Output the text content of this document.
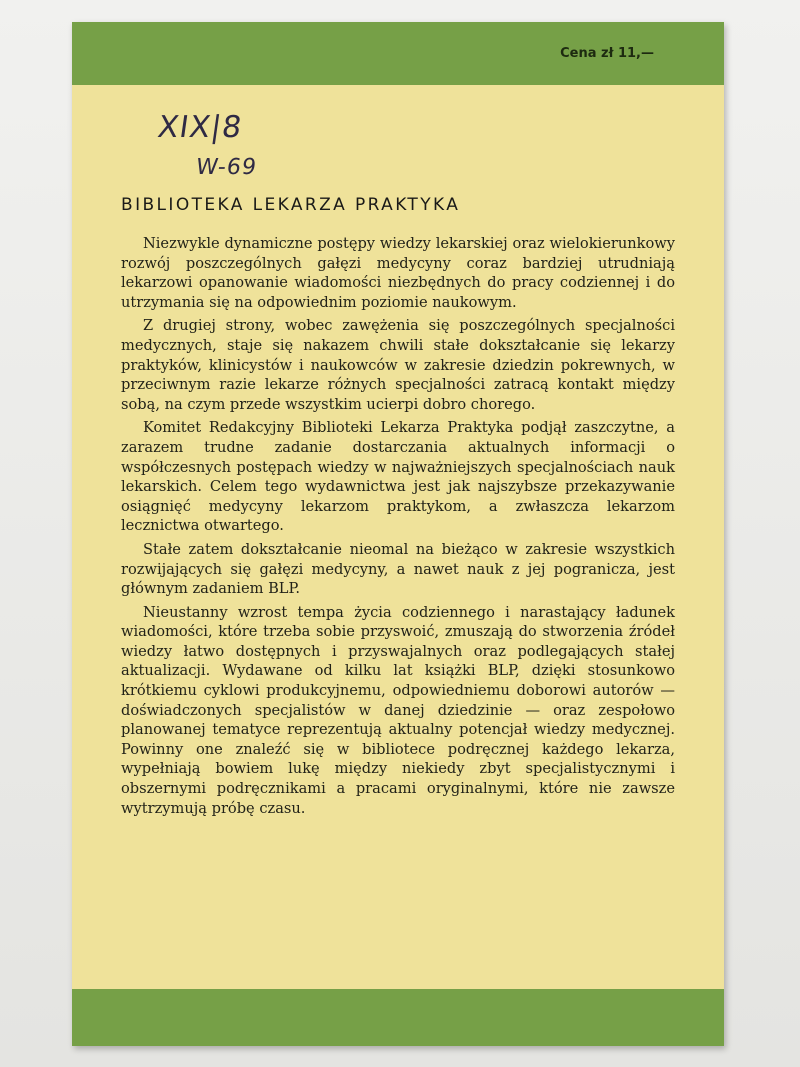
Cena zł 11,—
XIX|8
W-69
BIBLIOTEKA LEKARZA PRAKTYKA

Niezwykle dynamiczne postępy wiedzy lekarskiej oraz wielokierunkowy rozwój poszczególnych gałęzi medycyny coraz bardziej utrudniają lekarzowi opanowanie wiadomości niezbędnych do pracy codziennej i do utrzymania się na odpowiednim poziomie naukowym.

Z drugiej strony, wobec zawężenia się poszczególnych specjalności medycznych, staje się nakazem chwili stałe dokształcanie się lekarzy praktyków, klinicystów i naukowców w zakresie dziedzin pokrewnych, w przeciwnym razie lekarze różnych specjalności zatracą kontakt między sobą, na czym przede wszystkim ucierpi dobro chorego.

Komitet Redakcyjny Biblioteki Lekarza Praktyka podjął zaszczytne, a zarazem trudne zadanie dostarczania aktualnych informacji o współczesnych postępach wiedzy w najważniejszych specjalnościach nauk lekarskich. Celem tego wydawnictwa jest jak najszybsze przekazywanie osiągnięć medycyny lekarzom praktykom, a zwłaszcza lekarzom lecznictwa otwartego.

Stałe zatem dokształcanie nieomal na bieżąco w zakresie wszystkich rozwijających się gałęzi medycyny, a nawet nauk z jej pogranicza, jest głównym zadaniem BLP.

Nieustanny wzrost tempa życia codziennego i narastający ładunek wiadomości, które trzeba sobie przyswoić, zmuszają do stworzenia źródeł wiedzy łatwo dostępnych i przyswajalnych oraz podlegających stałej aktualizacji. Wydawane od kilku lat książki BLP, dzięki stosunkowo krótkiemu cyklowi produkcyjnemu, odpowiedniemu doborowi autorów — doświadczonych specjalistów w danej dziedzinie — oraz zespołowo planowanej tematyce reprezentują aktualny potencjał wiedzy medycznej. Powinny one znaleźć się w bibliotece podręcznej każdego lekarza, wypełniają bowiem lukę między niekiedy zbyt specjalistycznymi i obszernymi podręcznikami a pracami oryginalnymi, które nie zawsze wytrzymują próbę czasu.
